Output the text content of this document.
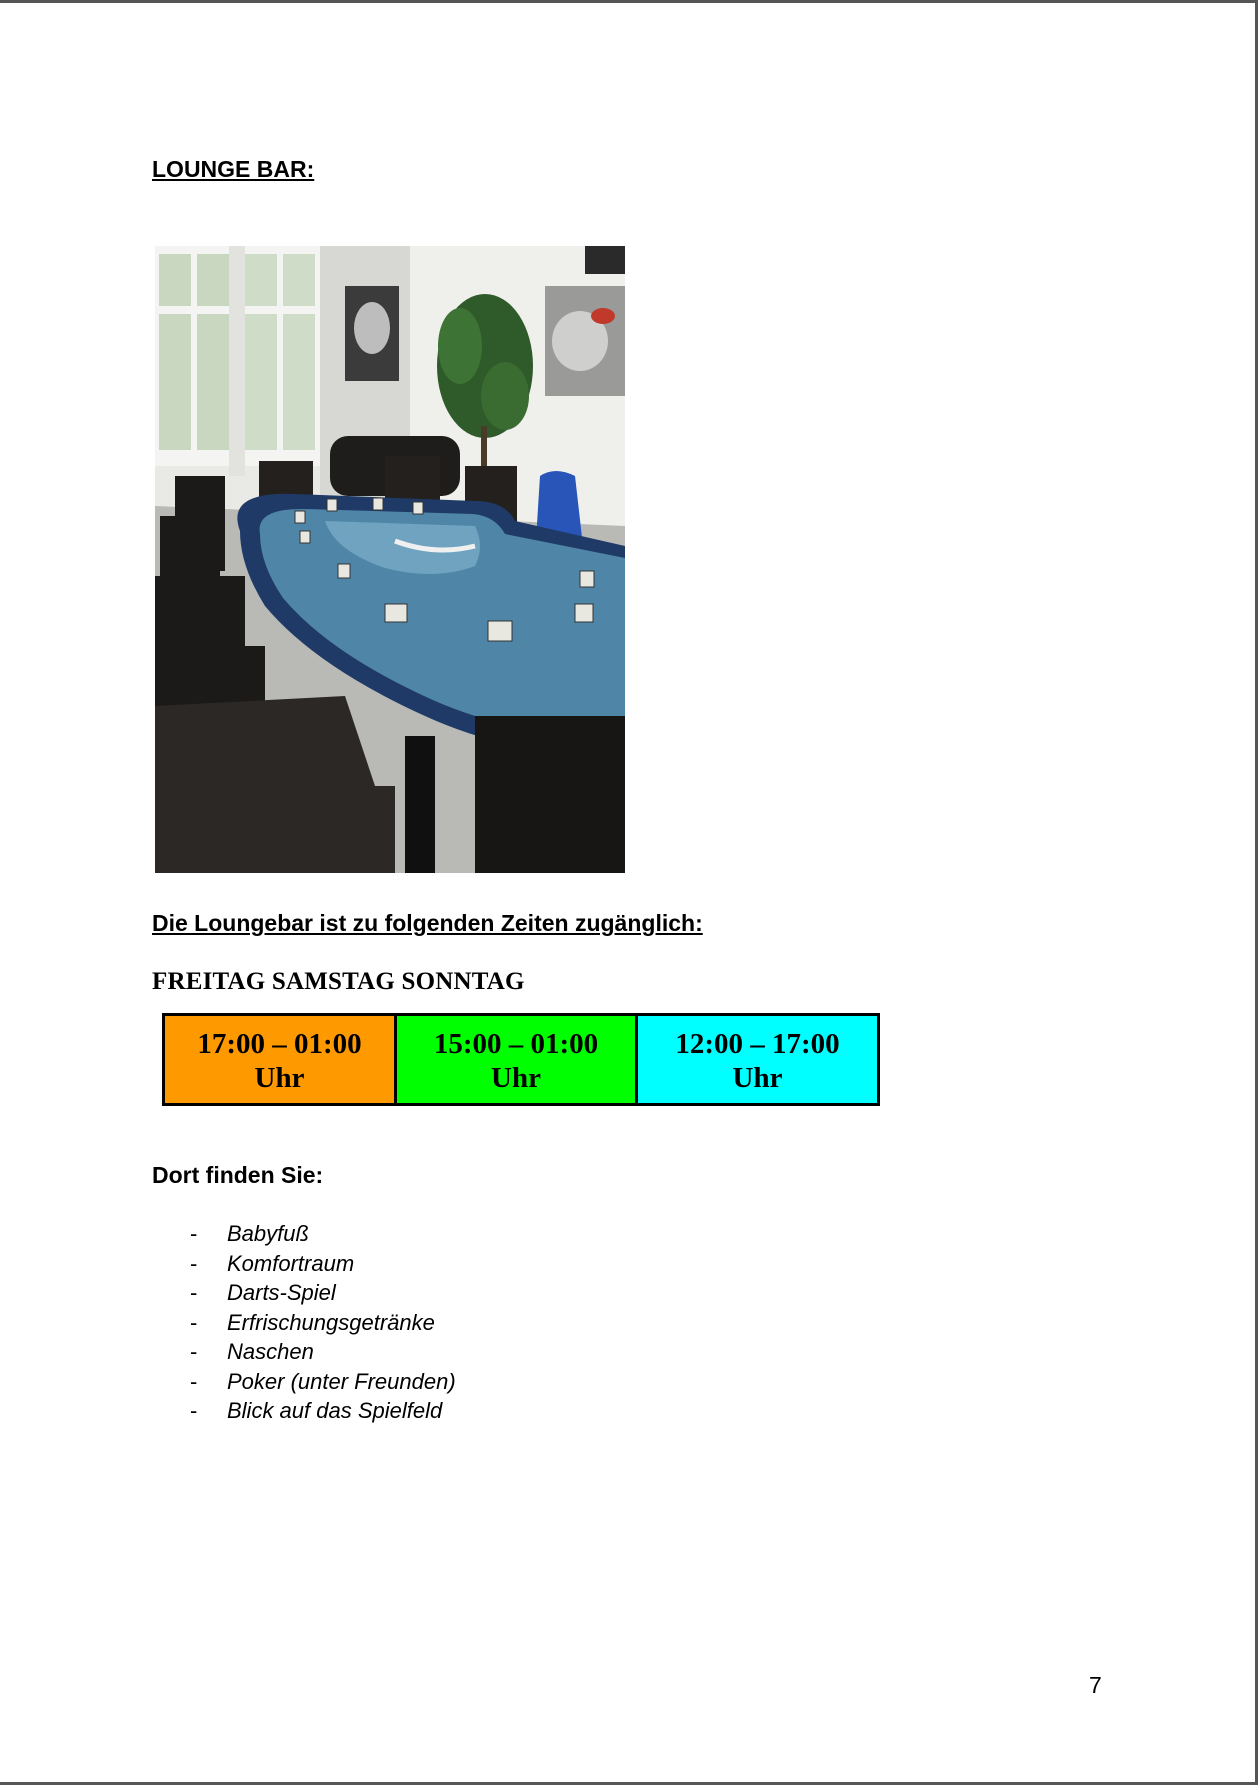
LOUNGE BAR:
Die Loungebar ist zu folgenden Zeiten zugänglich:

FREITAG SAMSTAG SONNTAG

17:00 – 01:00
Uhr

15:00 – 01:00
Uhr

12:00 – 17:00
Uhr
Dort finden Sie:
- Babyfuß
- Komfortraum
- Darts-Spiel
- Erfrischungsgetränke
- Naschen
- Poker (unter Freunden)
- Blick auf das Spielfeld

7
